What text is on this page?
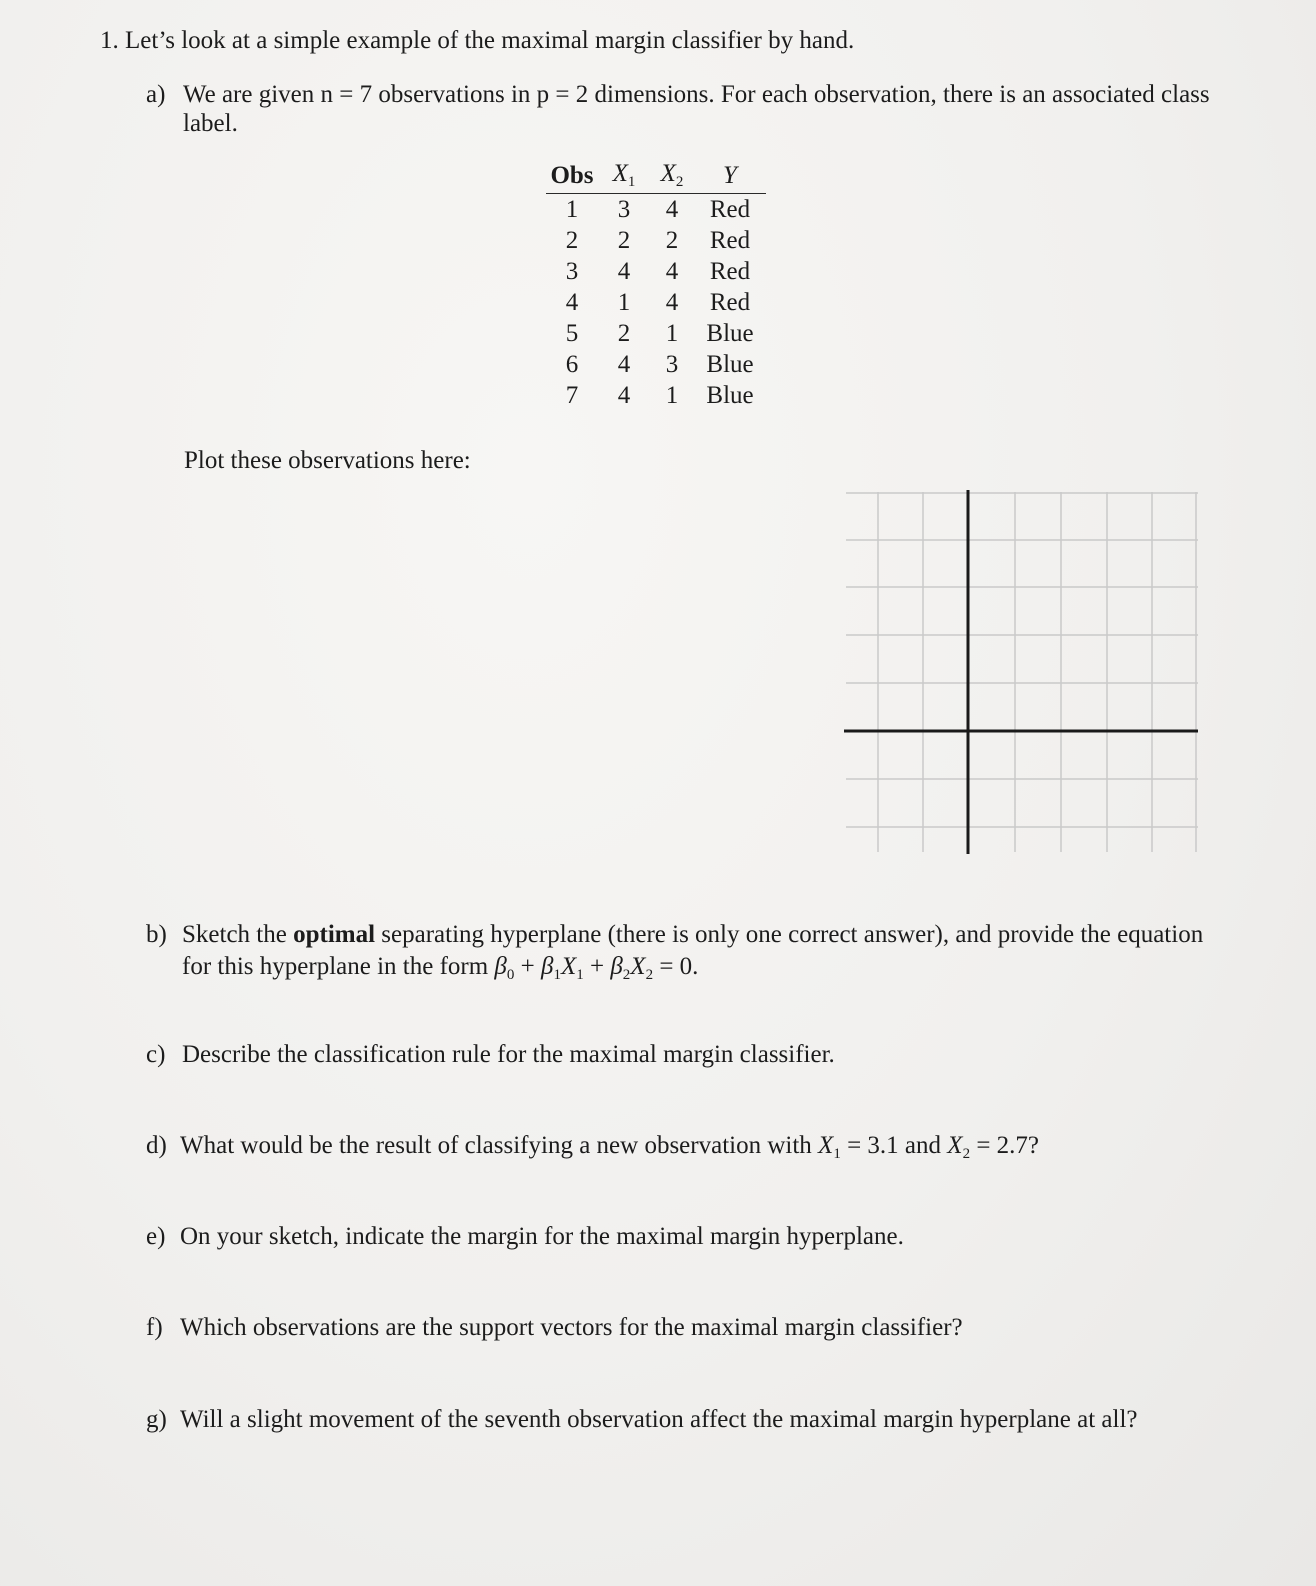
1. Let’s look at a simple example of the maximal margin classifier by hand.
a) We are given n = 7 observations in p = 2 dimensions. For each observation, there is an associated class
label.
Obs	$X_1$	$X_2$	Y
1	3	4	Red
2	2	2	Red
3	4	4	Red
4	1	4	Red
5	2	1	Blue
6	4	3	Blue
7	4	1	Blue
Plot these observations here:
b) Sketch the optimal separating hyperplane (there is only one correct answer), and provide the equation
for this hyperplane in the form $\beta_0 + \beta_1X_1 + \beta_2X_2 = 0$.
c) Describe the classification rule for the maximal margin classifier.
d) What would be the result of classifying a new observation with $X_1 = 3.1$ and $X_2 = 2.7$?
e) On your sketch, indicate the margin for the maximal margin hyperplane.
f) Which observations are the support vectors for the maximal margin classifier?
g) Will a slight movement of the seventh observation affect the maximal margin hyperplane at all?
